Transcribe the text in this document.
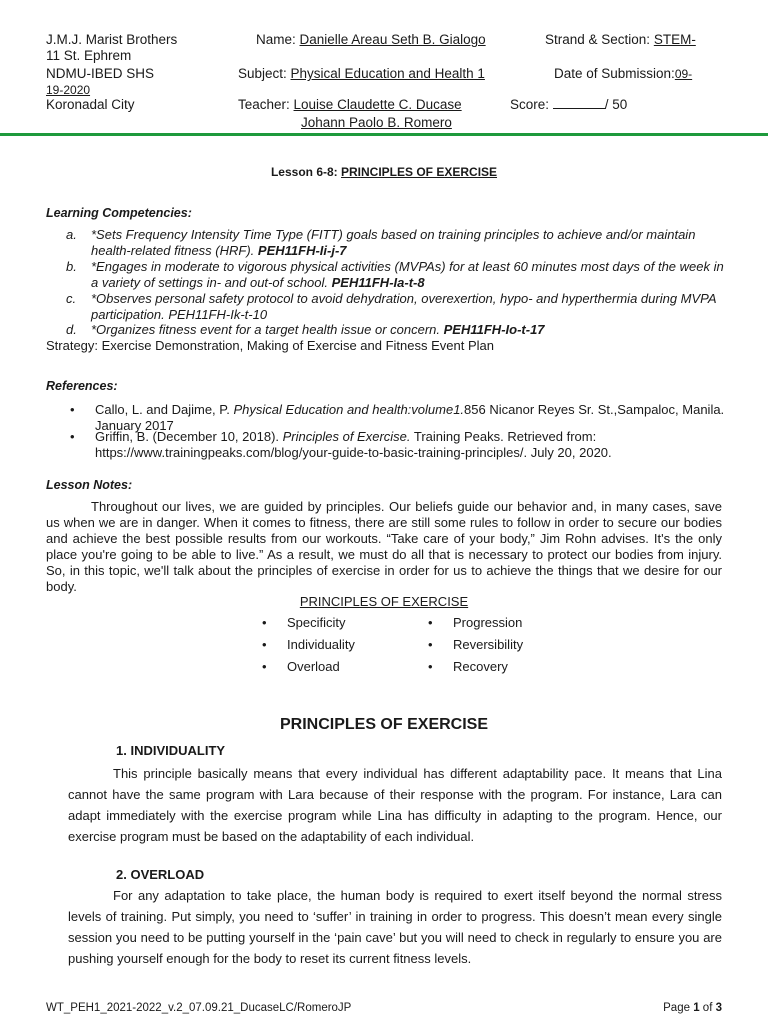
J.M.J. Marist Brothers
NDMU-IBED SHS
Koronadal City
Name: Danielle Areau Seth B. Gialogo	Strand & Section: STEM-
11 St. Ephrem
Subject: Physical Education and Health 1	Date of Submission:09-
19-2020
Teacher: Louise Claudette C. Ducase
Johann Paolo B. Romero
Score:	/ 50
Lesson 6-8: PRINCIPLES OF EXERCISE
Learning Competencies:
a. *Sets Frequency Intensity Time Type (FITT) goals based on training principles to achieve and/or maintain health-related fitness (HRF). PEH11FH-Ii-j-7
b. *Engages in moderate to vigorous physical activities (MVPAs) for at least 60 minutes most days of the week in a variety of settings in- and out-of school. PEH11FH-Ia-t-8
c. *Observes personal safety protocol to avoid dehydration, overexertion, hypo- and hyperthermia during MVPA participation. PEH11FH-Ik-t-10
d. *Organizes fitness event for a target health issue or concern. PEH11FH-Io-t-17
Strategy: Exercise Demonstration, Making of Exercise and Fitness Event Plan
References:
• Callo, L. and Dajime, P. Physical Education and health:volume1.856 Nicanor Reyes Sr. St.,Sampaloc, Manila. January 2017
• Griffin, B. (December 10, 2018). Principles of Exercise. Training Peaks. Retrieved from: https://www.trainingpeaks.com/blog/your-guide-to-basic-training-principles/. July 20, 2020.
Lesson Notes:
Throughout our lives, we are guided by principles. Our beliefs guide our behavior and, in many cases, save us when we are in danger. When it comes to fitness, there are still some rules to follow in order to secure our bodies and achieve the best possible results from our workouts. “Take care of your body,” Jim Rohn advises. It's the only place you're going to be able to live.” As a result, we must do all that is necessary to protect our bodies from injury. So, in this topic, we'll talk about the principles of exercise in order for us to achieve the things that we desire for our body.
PRINCIPLES OF EXERCISE
• Specificity
• Individuality
• Overload
• Progression
• Reversibility
• Recovery
PRINCIPLES OF EXERCISE
1. INDIVIDUALITY
This principle basically means that every individual has different adaptability pace. It means that Lina cannot have the same program with Lara because of their response with the program. For instance, Lara can adapt immediately with the exercise program while Lina has difficulty in adapting to the program. Hence, our exercise program must be based on the adaptability of each individual.
2. OVERLOAD
For any adaptation to take place, the human body is required to exert itself beyond the normal stress levels of training. Put simply, you need to ‘suffer’ in training in order to progress. This doesn’t mean every single session you need to be putting yourself in the ‘pain cave’ but you will need to check in regularly to ensure you are pushing yourself enough for the body to reset its current fitness levels.
WT_PEH1_2021-2022_v.2_07.09.21_DucaseLC/RomeroJP	Page 1 of 3
